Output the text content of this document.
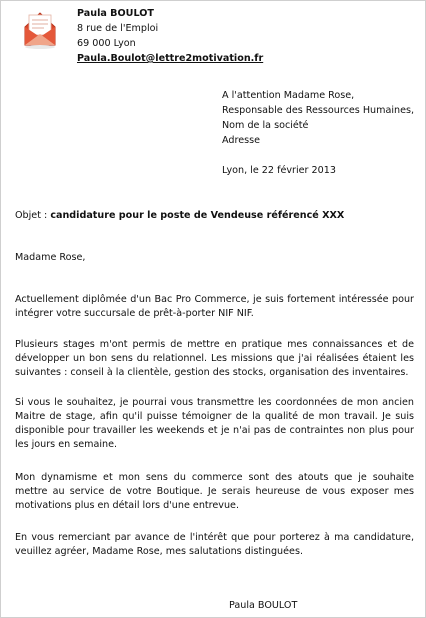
Paula BOULOT
8 rue de l'Emploi
69 000 Lyon
Paula.Boulot@lettre2motivation.fr
A l'attention Madame Rose,
Responsable des Ressources Humaines,
Nom de la société
Adresse
Lyon, le 22 février 2013
Objet : candidature pour le poste de Vendeuse référencé XXX
Madame Rose,

Actuellement diplômée d'un Bac Pro Commerce, je suis fortement intéressée pour intégrer votre succursale de prêt-à-porter NIF NIF.

Plusieurs stages m'ont permis de mettre en pratique mes connaissances et de développer un bon sens du relationnel. Les missions que j'ai réalisées étaient les suivantes : conseil à la clientèle, gestion des stocks, organisation des inventaires.

Si vous le souhaitez, je pourrai vous transmettre les coordonnées de mon ancien Maitre de stage, afin qu'il puisse témoigner de la qualité de mon travail. Je suis disponible pour travailler les weekends et je n'ai pas de contraintes non plus pour les jours en semaine.

Mon dynamisme et mon sens du commerce sont des atouts que je souhaite mettre au service de votre Boutique. Je serais heureuse de vous exposer mes motivations plus en détail lors d'une entrevue.

En vous remerciant par avance de l'intérêt que pour porterez à ma candidature, veuillez agréer, Madame Rose, mes salutations distinguées.

Paula BOULOT
